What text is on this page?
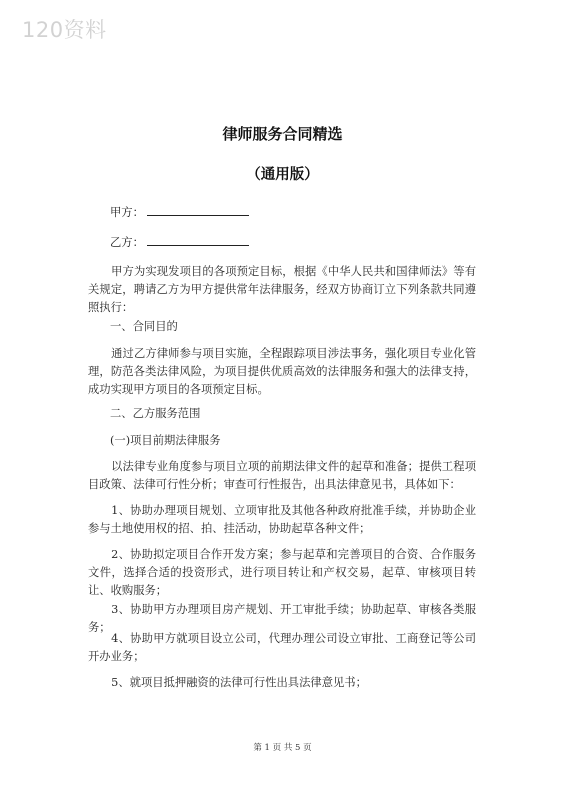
120资料
律师服务合同精选
（通用版）
甲方：
乙方：

甲方为实现发项目的各项预定目标，根据《中华人民共和国律师法》等有关规定，聘请乙方为甲方提供常年法律服务，经双方协商订立下列条款共同遵照执行：

一、合同目的

通过乙方律师参与项目实施，全程跟踪项目涉法事务，强化项目专业化管理，防范各类法律风险，为项目提供优质高效的法律服务和强大的法律支持，成功实现甲方项目的各项预定目标。

二、乙方服务范围
(一)项目前期法律服务

以法律专业角度参与项目立项的前期法律文件的起草和准备；提供工程项目政策、法律可行性分析；审查可行性报告，出具法律意见书，具体如下：

1、协助办理项目规划、立项审批及其他各种政府批准手续，并协助企业参与土地使用权的招、拍、挂活动，协助起草各种文件；

2、协助拟定项目合作开发方案；参与起草和完善项目的合资、合作服务文件，选择合适的投资形式，进行项目转让和产权交易，起草、审核项目转让、收购服务；

3、协助甲方办理项目房产规划、开工审批手续；协助起草、审核各类服务；

4、协助甲方就项目设立公司，代理办理公司设立审批、工商登记等公司开办业务；

5、就项目抵押融资的法律可行性出具法律意见书；

第 1 页 共 5 页
